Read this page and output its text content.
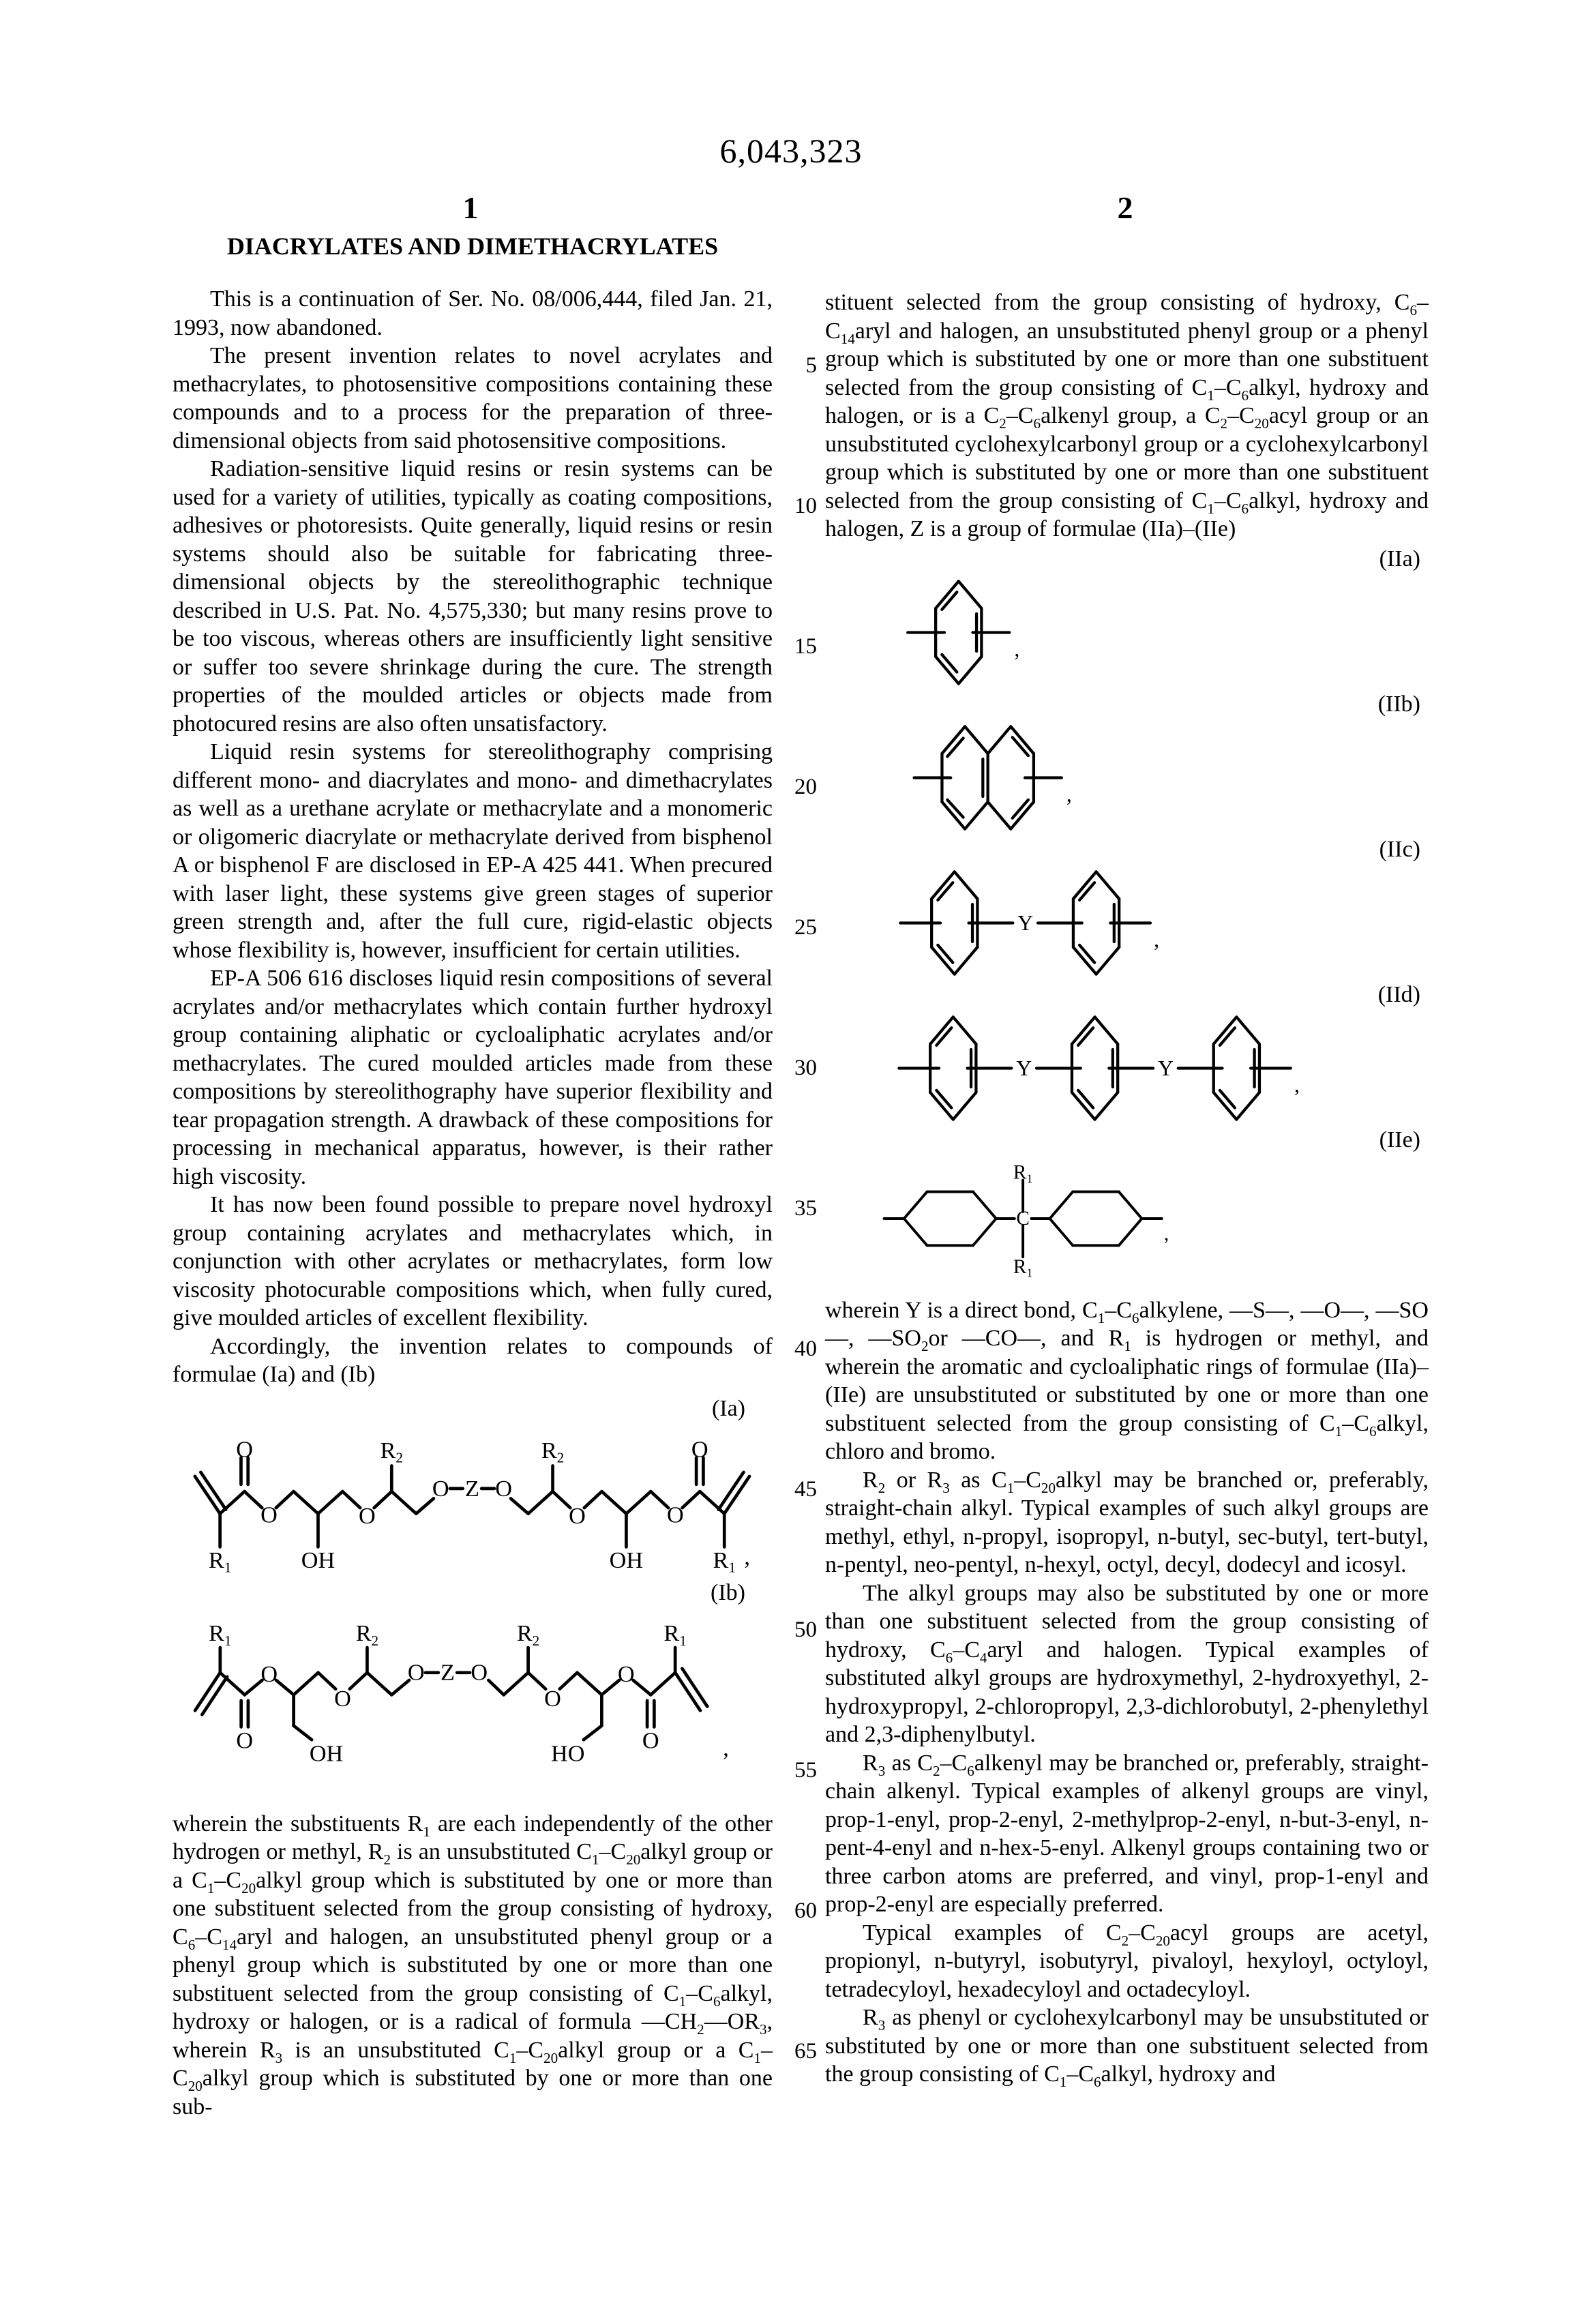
6,043,323
1	2
5
10
15
20
25
30
35
40
45
50
55
60
65
DIACRYLATES AND DIMETHACRYLATES

This is a continuation of Ser. No. 08/006,444, filed Jan. 21, 1993, now abandoned.

The present invention relates to novel acrylates and methacrylates, to photosensitive compositions containing these compounds and to a process for the preparation of three-dimensional objects from said photosensitive compositions.

Radiation-sensitive liquid resins or resin systems can be used for a variety of utilities, typically as coating compositions, adhesives or photoresists. Quite generally, liquid resins or resin systems should also be suitable for fabricating three-dimensional objects by the stereolithographic technique described in U.S. Pat. No. 4,575,330; but many resins prove to be too viscous, whereas others are insufficiently light sensitive or suffer too severe shrinkage during the cure. The strength properties of the moulded articles or objects made from photocured resins are also often unsatisfactory.

Liquid resin systems for stereolithography comprising different mono- and diacrylates and mono- and dimethacrylates as well as a urethane acrylate or methacrylate and a monomeric or oligomeric diacrylate or methacrylate derived from bisphenol A or bisphenol F are disclosed in EP-A 425 441. When precured with laser light, these systems give green stages of superior green strength and, after the full cure, rigid-elastic objects whose flexibility is, however, insufficient for certain utilities.

EP-A 506 616 discloses liquid resin compositions of several acrylates and/or methacrylates which contain further hydroxyl group containing aliphatic or cycloaliphatic acrylates and/or methacrylates. The cured moulded articles made from these compositions by stereolithography have superior flexibility and tear propagation strength. A drawback of these compositions for processing in mechanical apparatus, however, is their rather high viscosity.

It has now been found possible to prepare novel hydroxyl group containing acrylates and methacrylates which, in conjunction with other acrylates or methacrylates, form low viscosity photocurable compositions which, when fully cured, give moulded articles of excellent flexibility.

Accordingly, the invention relates to compounds of formulae (Ia) and (Ib)

(Ia)
O	O
O	O
O Z O
O	O
$R_2$	$R_2$
$R_1$	$R_1$
OH	OH	,
(Ib)
$R_1$	$R_2$	$R_2$	$R_1$
O
O
O Z O
O
O
O	O
OH	HO	,

wherein the substituents $R_1$ are each independently of the other hydrogen or methyl, $R_2$ is an unsubstituted $C_1-C_{20}alkyl$ group or a $C_1-C_{20}alkyl$ group which is substituted by one or more than one substituent selected from the group consisting of hydroxy, $C_6-C_{14}aryl$ and halogen, an unsubstituted phenyl group or a phenyl group which is substituted by one or more than one substituent selected from the group consisting of $C_1-C_6alkyl$, hydroxy or halogen, or is a radical of formula $—CH_2—OR_3$, wherein $R_3$ is an unsubstituted $C_1-C_{20}alkyl$ group or a $C_1-C_{20}alkyl$ group which is substituted by one or more than one sub-

stituent selected from the group consisting of hydroxy, $C_6-C_{14}aryl$ and halogen, an unsubstituted phenyl group or a phenyl group which is substituted by one or more than one substituent selected from the group consisting of $C_1-C_6alkyl$, hydroxy and halogen, or is a $C_2-C_6alkenyl$ group, a $C_2-C_{20}acyl$ group or an unsubstituted cyclohexylcarbonyl group or a cyclohexylcarbonyl group which is substituted by one or more than one substituent selected from the group consisting of $C_1-C_6alkyl$, hydroxy and halogen, Z is a group of formulae (IIa)–(IIe)

(IIa)
,
(IIb)
,
(IIc)
Y
,
(IId)
Y	Y
,
(IIe)
C
$R_1$
$R_1$
,

wherein Y is a direct bond, $C_1-C_6alkylene$, —S—, —O—, —SO—, $—SO_2or$ —CO—, and $R_1$ is hydrogen or methyl, and wherein the aromatic and cycloaliphatic rings of formulae (IIa)–(IIe) are unsubstituted or substituted by one or more than one substituent selected from the group consisting of $C_1-C_6alkyl$, chloro and bromo.

$R_2$ or $R_3$ as $C_1-C_{20}alkyl$ may be branched or, preferably, straight-chain alkyl. Typical examples of such alkyl groups are methyl, ethyl, n-propyl, isopropyl, n-butyl, sec-butyl, tert-butyl, n-pentyl, neo-pentyl, n-hexyl, octyl, decyl, dodecyl and icosyl.

The alkyl groups may also be substituted by one or more than one substituent selected from the group consisting of hydroxy, $C_6-C_4aryl$ and halogen. Typical examples of substituted alkyl groups are hydroxymethyl, 2-hydroxyethyl, 2-hydroxypropyl, 2-chloropropyl, 2,3-dichlorobutyl, 2-phenylethyl and 2,3-diphenylbutyl.

$R_3$ as $C_2-C_6alkenyl$ may be branched or, preferably, straight-chain alkenyl. Typical examples of alkenyl groups are vinyl, prop-1-enyl, prop-2-enyl, 2-methylprop-2-enyl, n-but-3-enyl, n-pent-4-enyl and n-hex-5-enyl. Alkenyl groups containing two or three carbon atoms are preferred, and vinyl, prop-1-enyl and prop-2-enyl are especially preferred.

Typical examples of $C_2-C_{20}acyl$ groups are acetyl, propionyl, n-butyryl, isobutyryl, pivaloyl, hexyloyl, octyloyl, tetradecyloyl, hexadecyloyl and octadecyloyl.

$R_3$ as phenyl or cyclohexylcarbonyl may be unsubstituted or substituted by one or more than one substituent selected from the group consisting of $C_1-C_6alkyl$, hydroxy and
